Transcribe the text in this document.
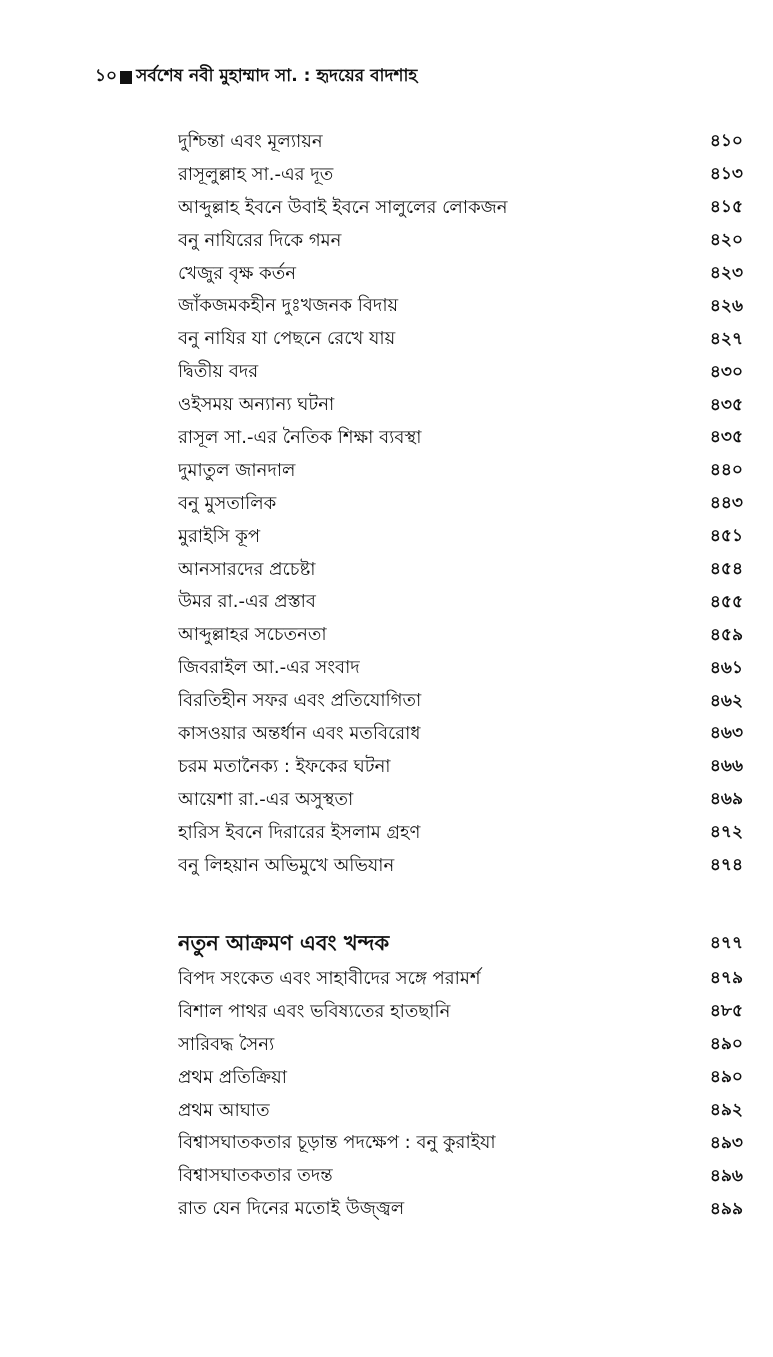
১০ সর্বশেষ নবী মুহাম্মাদ সা. : হৃদয়ের বাদশাহ
দুশ্চিন্তা এবং মূল্যায়ন	৪১০
রাসূলুল্লাহ সা.-এর দূত	৪১৩
আব্দুল্লাহ ইবনে উবাই ইবনে সালুলের লোকজন	৪১৫
বনু নাযিরের দিকে গমন	৪২০
খেজুর বৃক্ষ কর্তন	৪২৩
জাঁকজমকহীন দুঃখজনক বিদায়	৪২৬
বনু নাযির যা পেছনে রেখে যায়	৪২৭
দ্বিতীয় বদর	৪৩০
ওইসময় অন্যান্য ঘটনা	৪৩৫
রাসূল সা.-এর নৈতিক শিক্ষা ব্যবস্থা	৪৩৫
দুমাতুল জানদাল	৪৪০
বনু মুসতালিক	৪৪৩
মুরাইসি কূপ	৪৫১
আনসারদের প্রচেষ্টা	৪৫৪
উমর রা.-এর প্রস্তাব	৪৫৫
আব্দুল্লাহর সচেতনতা	৪৫৯
জিবরাইল আ.-এর সংবাদ	৪৬১
বিরতিহীন সফর এবং প্রতিযোগিতা	৪৬২
কাসওয়ার অন্তর্ধান এবং মতবিরোধ	৪৬৩
চরম মতানৈক্য : ইফকের ঘটনা	৪৬৬
আয়েশা রা.-এর অসুস্থতা	৪৬৯
হারিস ইবনে দিরারের ইসলাম গ্রহণ	৪৭২
বনু লিহয়ান অভিমুখে অভিযান	৪৭৪
নতুন আক্রমণ এবং খন্দক	৪৭৭
বিপদ সংকেত এবং সাহাবীদের সঙ্গে পরামর্শ	৪৭৯
বিশাল পাথর এবং ভবিষ্যতের হাতছানি	৪৮৫
সারিবদ্ধ সৈন্য	৪৯০
প্রথম প্রতিক্রিয়া	৪৯০
প্রথম আঘাত	৪৯২
বিশ্বাসঘাতকতার চূড়ান্ত পদক্ষেপ : বনু কুরাইযা	৪৯৩
বিশ্বাসঘাতকতার তদন্ত	৪৯৬
রাত যেন দিনের মতোই উজ্জ্বল	৪৯৯
